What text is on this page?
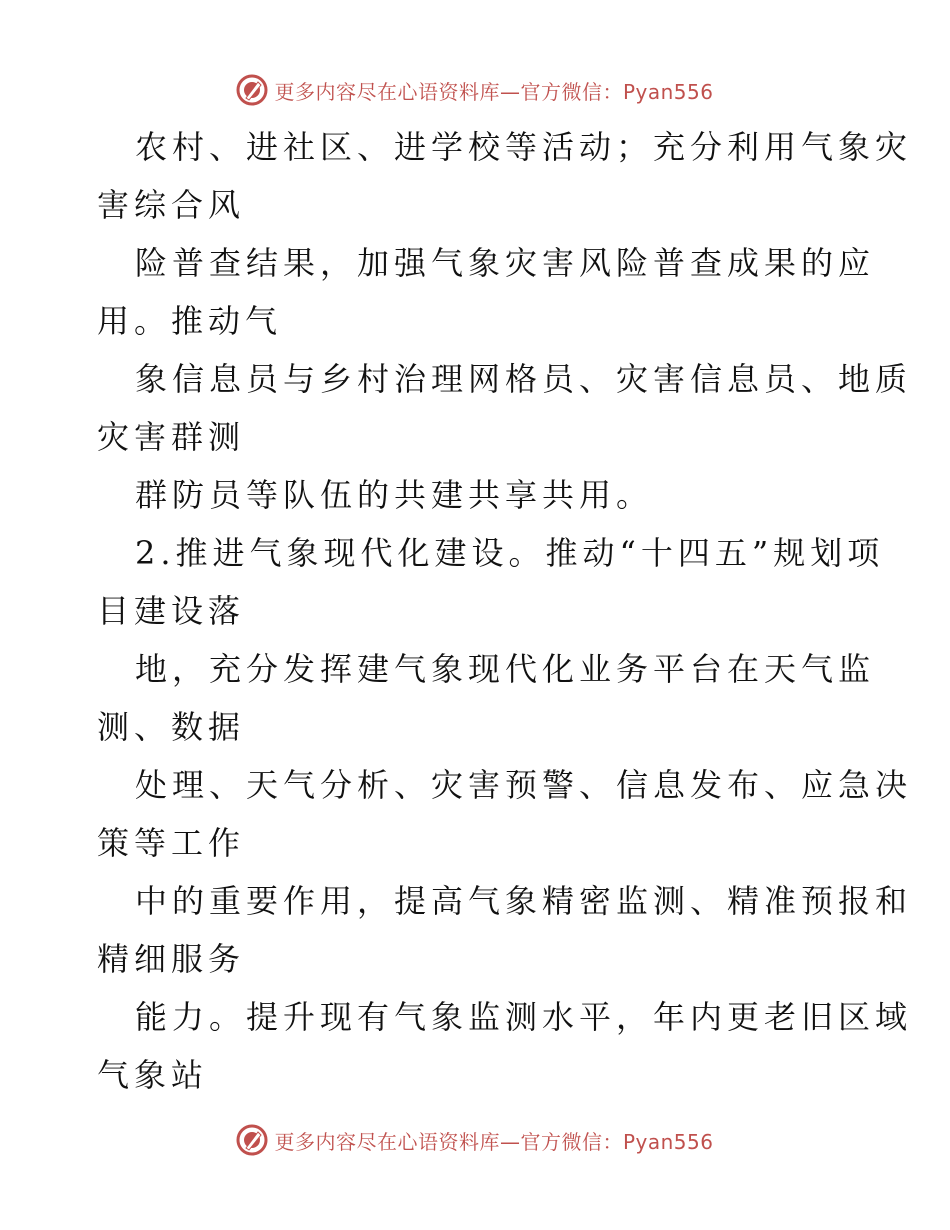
更多内容尽在心语资料库—官方微信：Pyan556
农村、进社区、进学校等活动；充分利用气象灾
害综合风
险普查结果，加强气象灾害风险普查成果的应
用。推动气
象信息员与乡村治理网格员、灾害信息员、地质
灾害群测
群防员等队伍的共建共享共用。
2.推进气象现代化建设。推动“十四五”规划项
目建设落
地，充分发挥建气象现代化业务平台在天气监
测、数据
处理、天气分析、灾害预警、信息发布、应急决
策等工作
中的重要作用，提高气象精密监测、精准预报和
精细服务
能力。提升现有气象监测水平，年内更老旧区域
气象站
更多内容尽在心语资料库—官方微信：Pyan556
